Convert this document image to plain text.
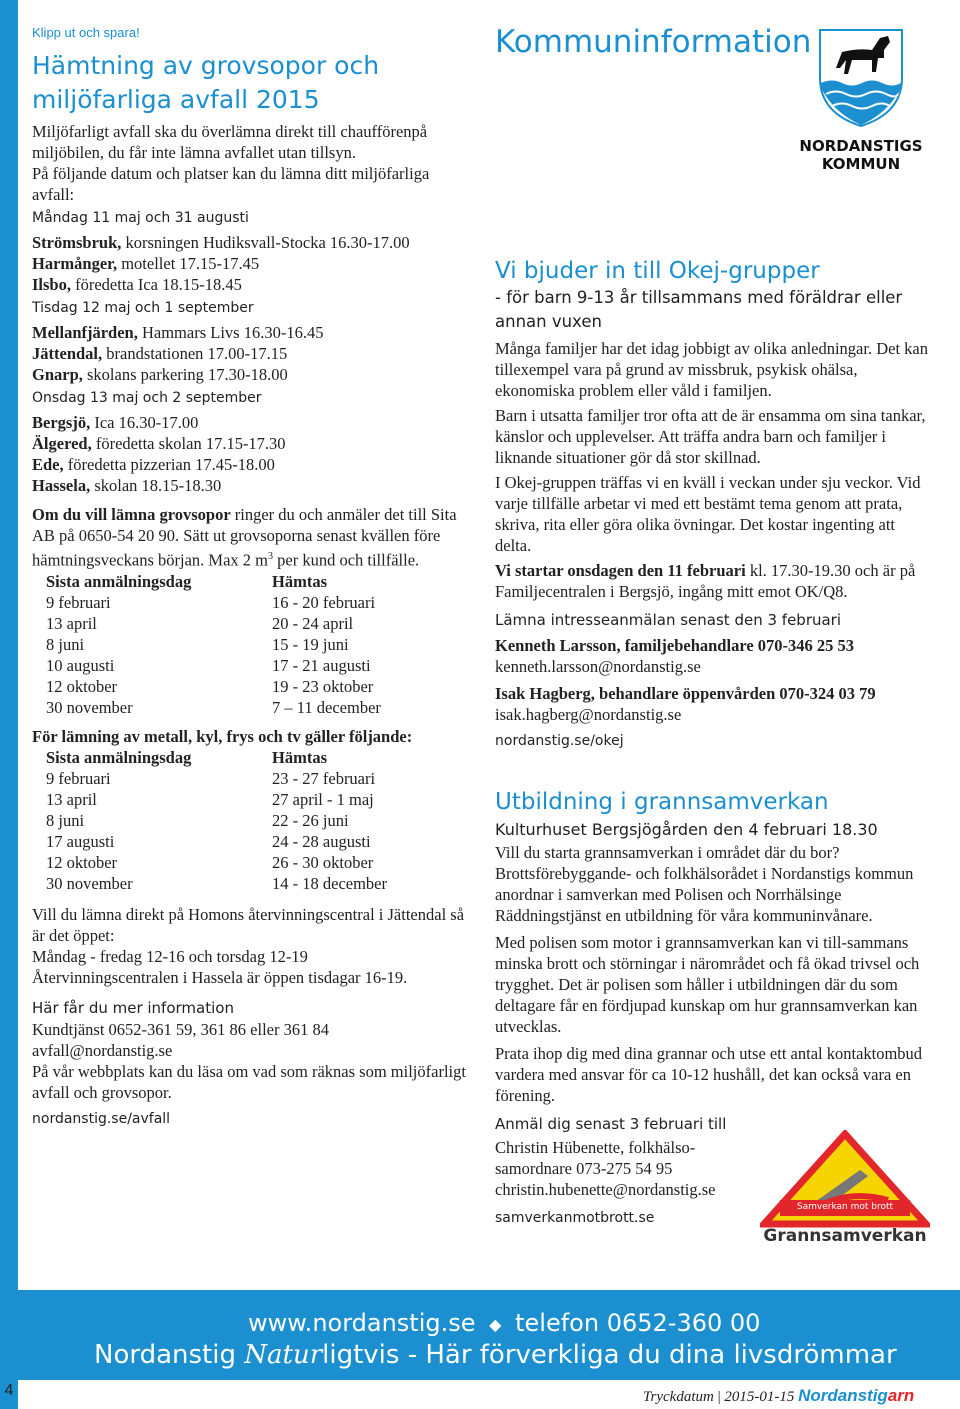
Klipp ut och spara!
Hämtning av grovsopor och miljöfarliga avfall 2015

Miljöfarligt avfall ska du överlämna direkt till chaufförenpå miljöbilen, du får inte lämna avfallet utan tillsyn.

På följande datum och platser kan du lämna ditt miljöfarliga avfall:

Måndag 11 maj och 31 augusti
Strömsbruk, korsningen Hudiksvall-Stocka 16.30-17.00
Harmånger, motellet 17.15-17.45
Ilsbo, föredetta Ica 18.15-18.45
Tisdag 12 maj och 1 september
Mellanfjärden, Hammars Livs 16.30-16.45
Jättendal, brandstationen 17.00-17.15
Gnarp, skolans parkering 17.30-18.00
Onsdag 13 maj och 2 september
Bergsjö, Ica 16.30-17.00
Älgered, föredetta skolan 17.15-17.30
Ede, föredetta pizzerian 17.45-18.00
Hassela, skolan 18.15-18.30

Om du vill lämna grovsopor ringer du och anmäler det till Sita AB på 0650-54 20 90. Sätt ut grovsoporna senast kvällen före hämtningsveckans början. Max 2 $m^3$ per kund och tillfälle.

Sista anmälningsdag	Hämtas
9 februari	16 - 20 februari
13 april	20 - 24 april
8 juni	15 - 19 juni
10 augusti	17 - 21 augusti
12 oktober	19 - 23 oktober
30 november	7 – 11 december

För lämning av metall, kyl, frys och tv gäller följande:

Sista anmälningsdag	Hämtas
9 februari	23 - 27 februari
13 april	27 april - 1 maj
8 juni	22 - 26 juni
17 augusti	24 - 28 augusti
12 oktober	26 - 30 oktober
30 november	14 - 18 december

Vill du lämna direkt på Homons återvinningscentral i Jättendal så är det öppet:

Måndag - fredag 12-16 och torsdag 12-19

Återvinningscentralen i Hassela är öppen tisdagar 16-19.

Här får du mer information

Kundtjänst 0652-361 59, 361 86 eller 361 84

avfall@nordanstig.se

På vår webbplats kan du läsa om vad som räknas som miljöfarligt avfall och grovsopor.

nordanstig.se/avfall
Kommuninformation
NORDANSTIGS
KOMMUN
Vi bjuder in till Okej-grupper
- för barn 9-13 år tillsammans med föräldrar eller annan vuxen

Många familjer har det idag jobbigt av olika anledningar. Det kan tillexempel vara på grund av missbruk, psykisk ohälsa, ekonomiska problem eller våld i familjen.

Barn i utsatta familjer tror ofta att de är ensamma om sina tankar, känslor och upplevelser. Att träffa andra barn och familjer i liknande situationer gör då stor skillnad.

I Okej-gruppen träffas vi en kväll i veckan under sju veckor. Vid varje tillfälle arbetar vi med ett bestämt tema genom att prata, skriva, rita eller göra olika övningar. Det kostar ingenting att delta.

Vi startar onsdagen den 11 februari kl. 17.30-19.30 och är på Familjecentralen i Bergsjö, ingång mitt emot OK/Q8.

Lämna intresseanmälan senast den 3 februari

Kenneth Larsson, familjebehandlare 070-346 25 53

kenneth.larsson@nordanstig.se

Isak Hagberg, behandlare öppenvården 070-324 03 79

isak.hagberg@nordanstig.se

nordanstig.se/okej
Utbildning i grannsamverkan
Kulturhuset Bergsjögården den 4 februari 18.30

Vill du starta grannsamverkan i området där du bor? Brottsförebyggande- och folkhälsorådet i Nordanstigs kommun anordnar i samverkan med Polisen och Norrhälsinge Räddningstjänst en utbildning för våra kommuninvånare.

Med polisen som motor i grannsamverkan kan vi till-sammans minska brott och störningar i närområdet och få ökad trivsel och trygghet. Det är polisen som håller i utbildningen där du som deltagare får en fördjupad kunskap om hur grannsamverkan kan utvecklas.

Prata ihop dig med dina grannar och utse ett antal kontaktombud vardera med ansvar för ca 10-12 hushåll, det kan också vara en förening.

Anmäl dig senast 3 februari till

Christin Hübenette, folkhälso-samordnare 073-275 54 95

christin.hubenette@nordanstig.se

samverkanmotbrott.se
Samverkan mot brott
Grannsamverkan
www.nordanstig.se ◆ telefon 0652-360 00
Nordanstig Naturligtvis - Här förverkliga du dina livsdrömmar
4	Tryckdatum | 2015-01-15 Nordanstigarn
